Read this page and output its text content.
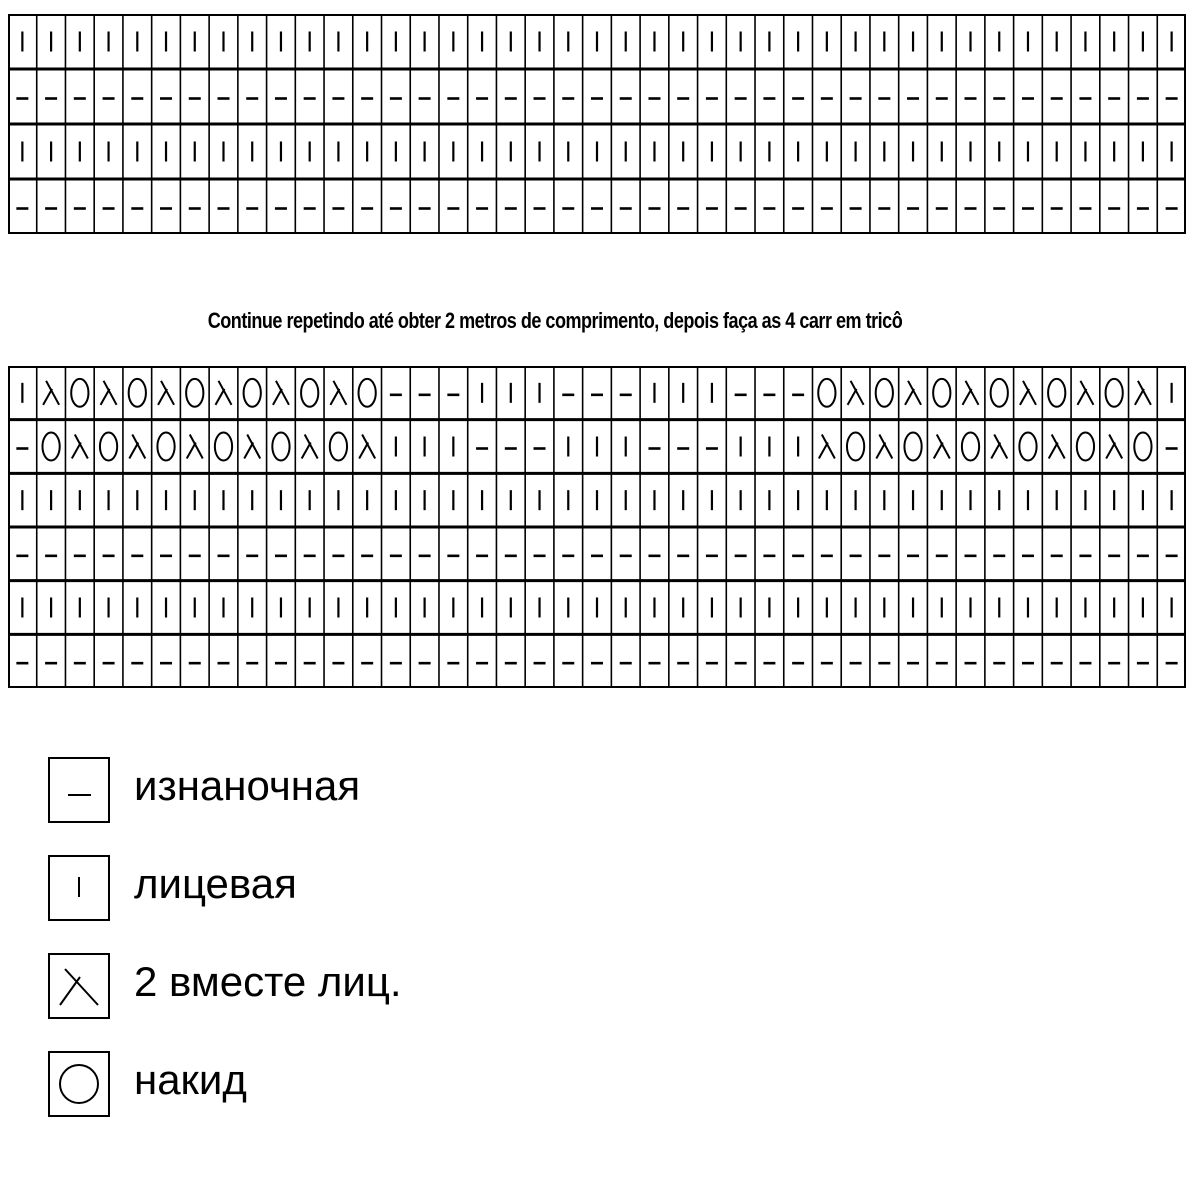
Continue repetindo até obter 2 metros de comprimento, depois faça as 4 carr em tricô
изнаночная
лицевая
2 вместе лиц.
накид
